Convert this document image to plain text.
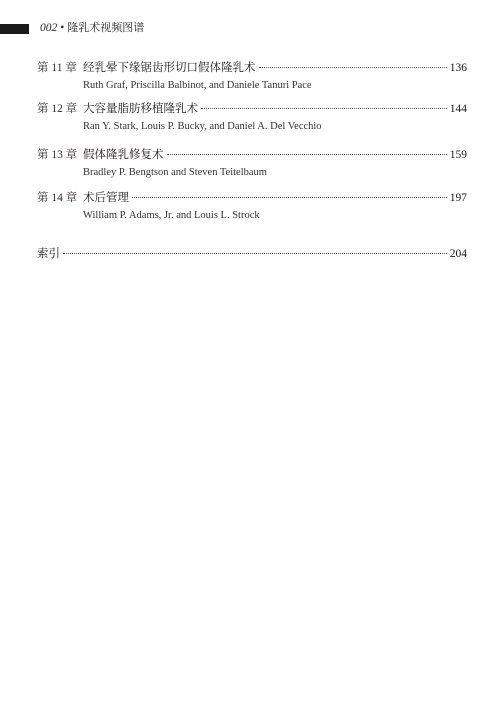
002 • 隆乳术视频图谱
第 11 章 经乳晕下缘锯齿形切口假体隆乳术	136
Ruth Graf, Priscilla Balbinot, and Daniele Tanuri Pace
第 12 章 大容量脂肪移植隆乳术	144
Ran Y. Stark, Louis P. Bucky, and Daniel A. Del Vecchio
第 13 章 假体隆乳修复术	159
Bradley P. Bengtson and Steven Teitelbaum
第 14 章 术后管理	197
William P. Adams, Jr. and Louis L. Strock
索引	204
